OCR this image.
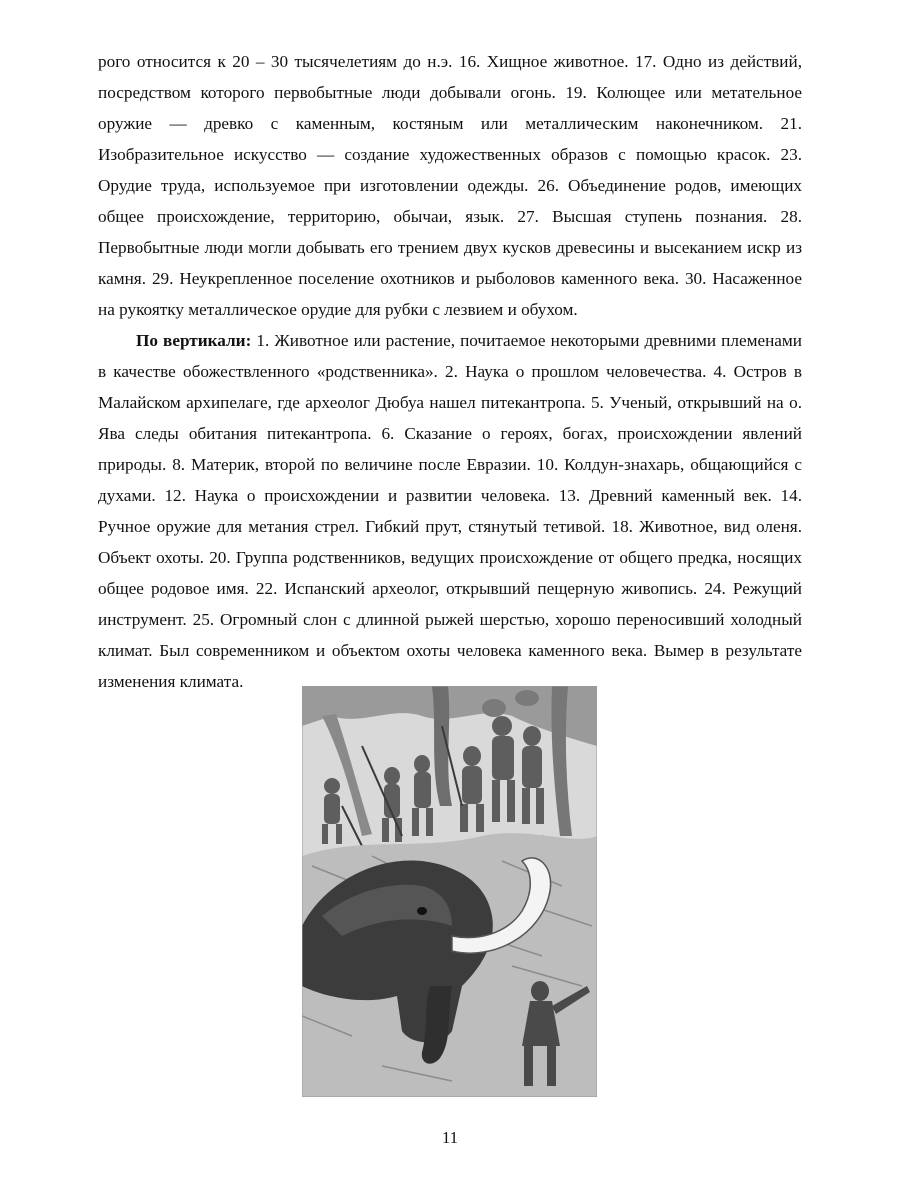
рого относится к 20 – 30 тысячелетиям до н.э. 16. Хищное животное. 17. Одно из действий, посредством которого первобытные люди добывали огонь. 19. Колющее или метательное оружие — древко с каменным, костяным или металлическим наконечником. 21. Изобразительное искусство — создание художественных образов с помощью красок. 23. Орудие труда, используемое при изготовлении одежды. 26. Объединение родов, имеющих общее происхождение, территорию, обычаи, язык. 27. Высшая ступень познания. 28. Первобытные люди могли добывать его трением двух кусков древесины и высеканием искр из камня. 29. Неукрепленное поселение охотников и рыболовов каменного века. 30. Насаженное на рукоятку металлическое орудие для рубки с лезвием и обухом.

По вертикали: 1. Животное или растение, почитаемое некоторыми древними племенами в качестве обожествленного «родственника». 2. Наука о прошлом человечества. 4. Остров в Малайском архипелаге, где археолог Дюбуа нашел питекантропа. 5. Ученый, открывший на о. Ява следы обитания питекантропа. 6. Сказание о героях, богах, происхождении явлений природы. 8. Материк, второй по величине после Евразии. 10. Колдун-знахарь, общающийся с духами. 12. Наука о происхождении и развитии человека. 13. Древний каменный век. 14. Ручное оружие для метания стрел. Гибкий прут, стянутый тетивой. 18. Животное, вид оленя. Объект охоты. 20. Группа родственников, ведущих происхождение от общего предка, носящих общее родовое имя. 22. Испанский археолог, открывший пещерную живопись. 24. Режущий инструмент. 25. Огромный слон с длинной рыжей шерстью, хорошо переносивший холодный климат. Был современником и объектом охоты человека каменного века. Вымер в результате изменения климата.

11
